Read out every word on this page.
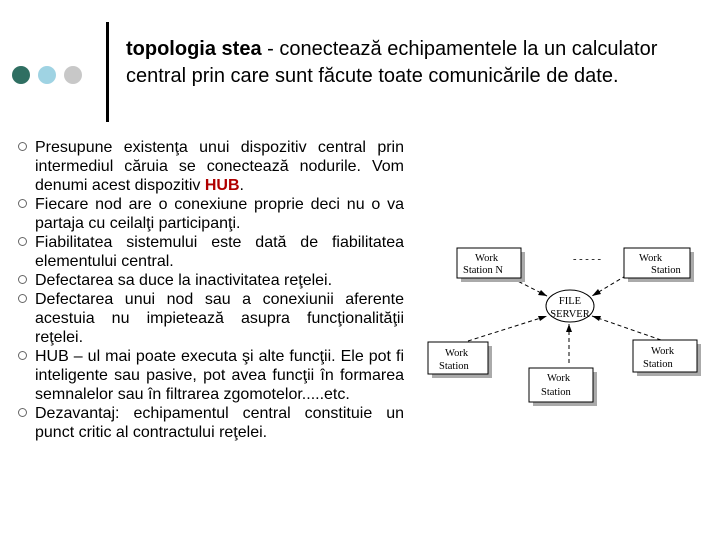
topologia stea - conectează echipamentele la un calculator central prin care sunt făcute toate comunicările de date.

Presupune existenţa unui dispozitiv central prin intermediul căruia se conectează nodurile. Vom denumi acest dispozitiv HUB.
Fiecare nod are o conexiune proprie deci nu o va partaja cu ceilalţi participanţi.
Fiabilitatea sistemului este dată de fiabilitatea elementului central.
Defectarea sa duce la inactivitatea reţelei.
Defectarea unui nod sau a conexiunii aferente acestuia nu impietează asupra funcţionalităţii reţelei.
HUB – ul mai poate executa şi alte funcţii. Ele pot fi inteligente sau pasive, pot avea funcţii în formarea semnalelor sau în filtrarea zgomotelor.....etc.
Dezavantaj: echipamentul central constituie un punct critic al contractului reţelei.
- - - - -
FILE
SERVER
Work
Station N
Work
Station
Work
Station
Work
Station
Work
Station
